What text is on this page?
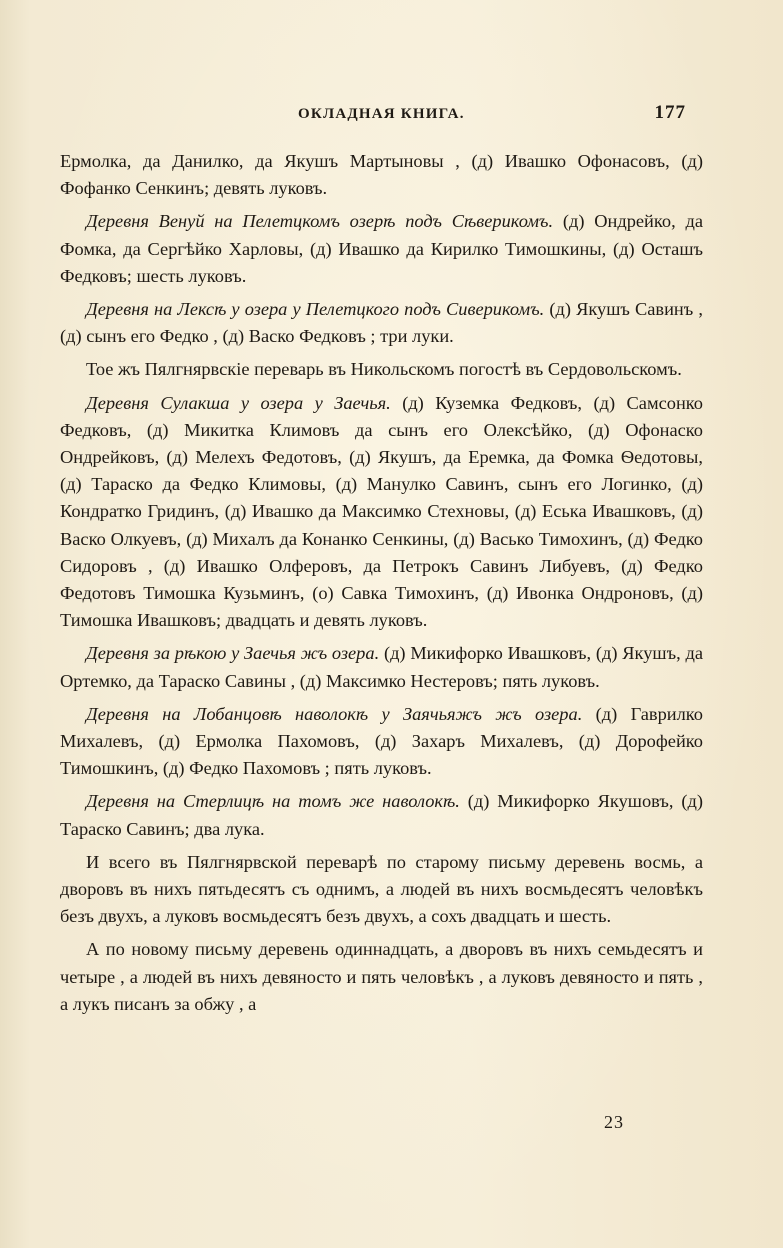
ОКЛАДНАЯ КНИГА.	177

Ермолка, да Данилко, да Якушъ Мартыновы , (д) Ивашко Офонасовъ, (д) Фофанко Сенкинъ; девять луковъ.

Деревня Венуй на Пелетцкомъ озерѣ подъ Сѣверикомъ. (д) Ондрейко, да Фомка, да Сергѣйко Харловы, (д) Ивашко да Кирилко Тимошкины, (д) Осташъ Федковъ; шесть луковъ.

Деревня на Лексѣ у озера у Пелетцкого подъ Сиверикомъ. (д) Якушъ Савинъ , (д) сынъ его Федко , (д) Васко Федковъ ; три луки.

Тое жъ Пялгнярвскіе переварь въ Никольскомъ погостѣ въ Сердовольскомъ.

Деревня Сулакша у озера у Заечья. (д) Куземка Федковъ, (д) Самсонко Федковъ, (д) Микитка Климовъ да сынъ его Олексѣйко, (д) Офонаско Ондрейковъ, (д) Мелехъ Федотовъ, (д) Якушъ, да Еремка, да Фомка Ѳедотовы, (д) Тараско да Федко Климовы, (д) Манулко Савинъ, сынъ его Логинко, (д) Кондратко Гридинъ, (д) Ивашко да Максимко Стехновы, (д) Еська Ивашковъ, (д) Васко Олкуевъ, (д) Михалъ да Конанко Сенкины, (д) Васько Тимохинъ, (д) Федко Сидоровъ , (д) Ивашко Олферовъ, да Петрокъ Савинъ Либуевъ, (д) Федко Федотовъ Тимошка Кузьминъ, (о) Савка Тимохинъ, (д) Ивонка Ондроновъ, (д) Тимошка Ивашковъ; двадцать и девять луковъ.

Деревня за рѣкою у Заечья жъ озера. (д) Микифорко Ивашковъ, (д) Якушъ, да Ортемко, да Тараско Савины , (д) Максимко Нестеровъ; пять луковъ.

Деревня на Лобанцовѣ наволокѣ у Заячьяжъ жъ озера. (д) Гаврилко Михалевъ, (д) Ермолка Пахомовъ, (д) Захаръ Михалевъ, (д) Дорофейко Тимошкинъ, (д) Федко Пахомовъ ; пять луковъ.

Деревня на Стерлицѣ на томъ же наволокѣ. (д) Микифорко Якушовъ, (д) Тараско Савинъ; два лука.

И всего въ Пялгнярвской переварѣ по старому письму деревень восмь, а дворовъ въ нихъ пятьдесятъ съ однимъ, а людей въ нихъ восмьдесятъ человѣкъ безъ двухъ, а луковъ восмьдесятъ безъ двухъ, а сохъ двадцать и шесть.

А по новому письму деревень одиннадцать, а дворовъ въ нихъ семьдесятъ и четыре , а людей въ нихъ девяносто и пять человѣкъ , а луковъ девяносто и пять , а лукъ писанъ за обжу , а

23
